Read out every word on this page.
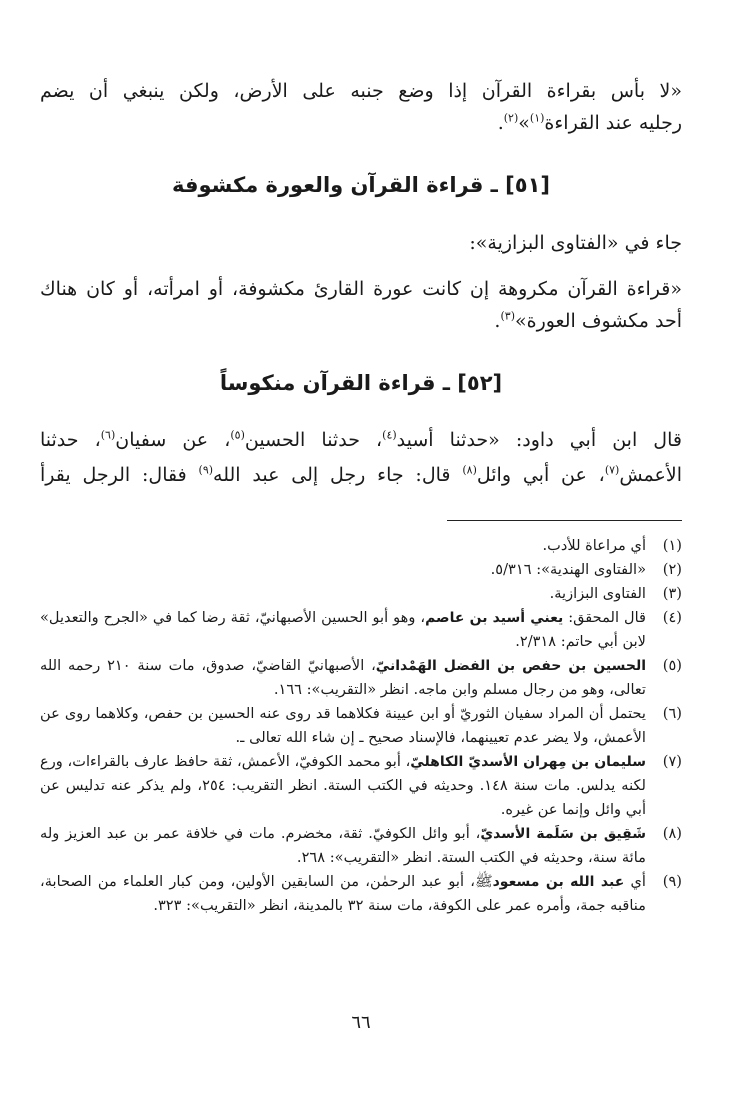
«لا بأس بقراءة القرآن إذا وضع جنبه على الأرض، ولكن ينبغي أن يضم
رجليه عند القراءة$^{(١)}$»$^{(٢)}$.
[٥١] ـ قراءة القرآن والعورة مكشوفة
جاء في «الفتاوى البزازية»:
«قراءة القرآن مكروهة إن كانت عورة القارئ مكشوفة، أو امرأته، أو كان هناك
أحد مكشوف العورة»$^{(٣)}$.
[٥٢] ـ قراءة القرآن منكوساً
قال ابن أبي داود: «حدثنا أسيد$^{(٤)}$، حدثنا الحسين$^{(٥)}$، عن سفيان$^{(٦)}$، حدثنا
الأعمش$^{(٧)}$، عن أبي وائل$^{(٨)}$ قال: جاء رجل إلى عبد الله$^{(٩)}$ فقال: الرجل يقرأ
(١)
أي مراعاة للأدب.
(٢)
«الفتاوى الهندية»: ٥/٣١٦.
(٣)
الفتاوى البزازية.
(٤)
قال المحقق: يعني أسيد بن عاصم، وهو أبو الحسين الأصبهانيّ، ثقة رضا كما في «الجرح والتعديل» لابن أبي حاتم: ٢/٣١٨.
(٥)
الحسين بن حفص بن الفضل الهَمْدانيّ، الأصبهانيّ القاضيّ، صدوق، مات سنة ٢١٠ رحمه الله تعالى، وهو من رجال مسلم وابن ماجه. انظر «التقريب»: ١٦٦.
(٦)
يحتمل أن المراد سفيان الثوريّ أو ابن عيينة فكلاهما قد روى عنه الحسين بن حفص، وكلاهما روى عن الأعمش، ولا يضر عدم تعيينهما، فالإسناد صحيح ـ إن شاء الله تعالى ـ.
(٧)
سليمان بن مِهران الأسديّ الكاهليّ، أبو محمد الكوفيّ، الأعمش، ثقة حافظ عارف بالقراءات، ورع لكنه يدلس. مات سنة ١٤٨. وحديثه في الكتب الستة. انظر التقريب: ٢٥٤، ولم يذكر عنه تدليس عن أبي وائل وإنما عن غيره.
(٨)
شَقِيق بن سَلَمة الأسديّ، أبو وائل الكوفيّ. ثقة، مخضرم. مات في خلافة عمر بن عبد العزيز وله مائة سنة، وحديثه في الكتب الستة. انظر «التقريب»: ٢٦٨.
(٩)
أي عبد الله بن مسعودﷺ، أبو عبد الرحمٰن، من السابقين الأولين، ومن كبار العلماء من الصحابة، مناقبه جمة، وأمره عمر على الكوفة، مات سنة ٣٢ بالمدينة، انظر «التقريب»: ٣٢٣.
٦٦
